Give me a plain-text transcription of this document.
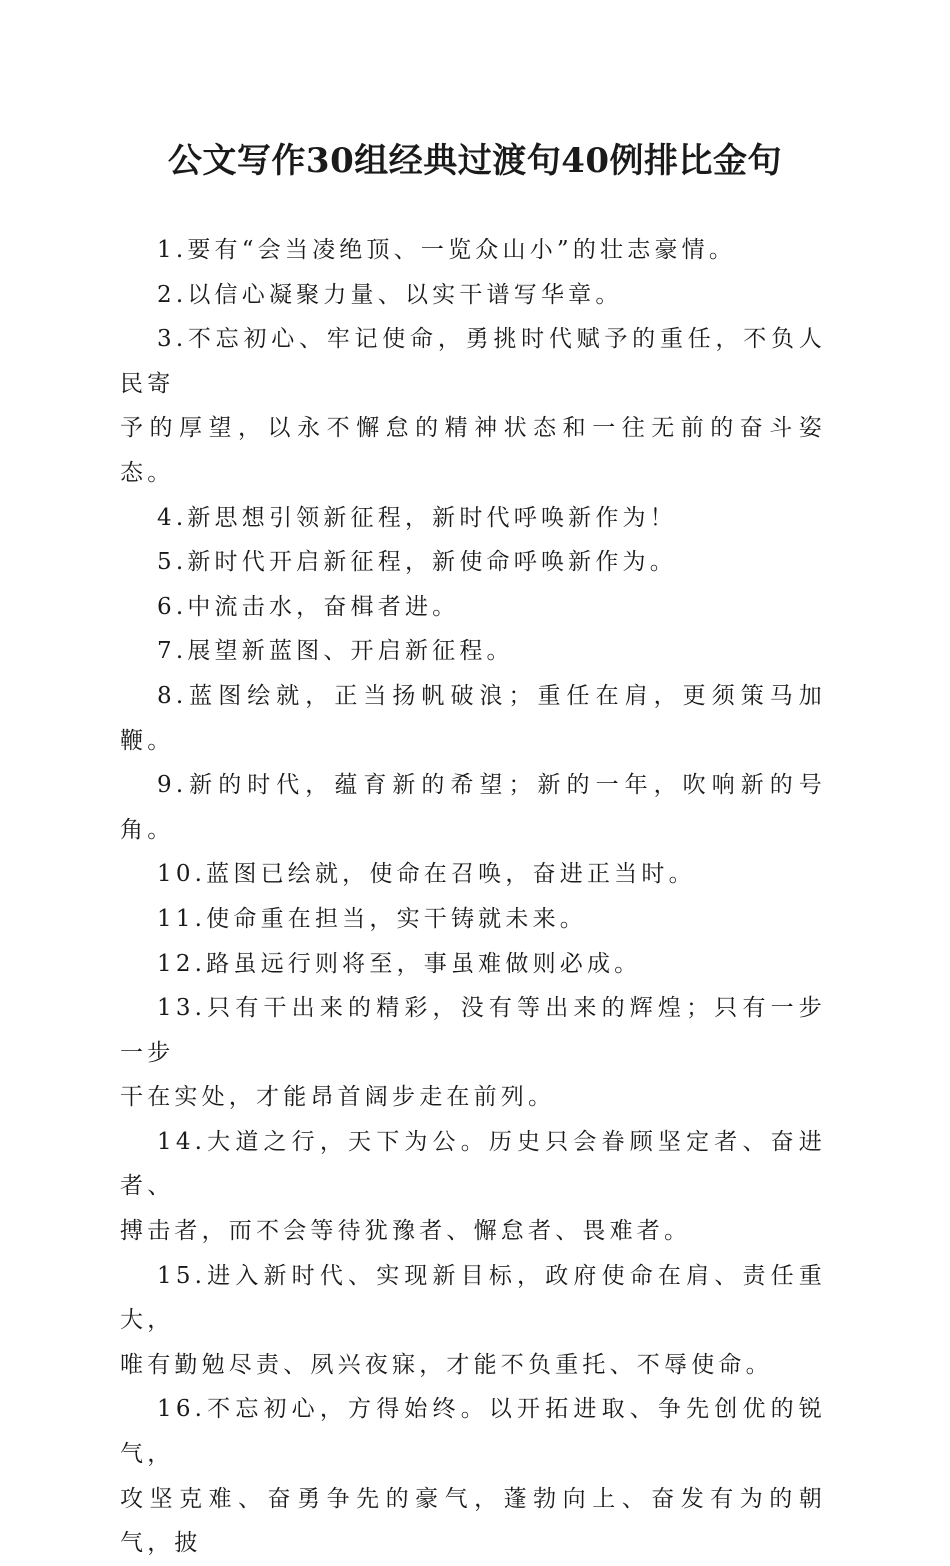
公文写作30组经典过渡句40例排比金句

1.要有“会当凌绝顶、一览众山小”的壮志豪情。

2.以信心凝聚力量、以实干谱写华章。

3.不忘初心、牢记使命，勇挑时代赋予的重任，不负人民寄
予的厚望，以永不懈怠的精神状态和一往无前的奋斗姿态。

4.新思想引领新征程，新时代呼唤新作为！

5.新时代开启新征程，新使命呼唤新作为。

6.中流击水，奋楫者进。

7.展望新蓝图、开启新征程。

8.蓝图绘就，正当扬帆破浪；重任在肩，更须策马加鞭。

9.新的时代，蕴育新的希望；新的一年，吹响新的号角。

10.蓝图已绘就，使命在召唤，奋进正当时。

11.使命重在担当，实干铸就未来。

12.路虽远行则将至，事虽难做则必成。

13.只有干出来的精彩，没有等出来的辉煌；只有一步一步
干在实处，才能昂首阔步走在前列。

14.大道之行，天下为公。历史只会眷顾坚定者、奋进者、
搏击者，而不会等待犹豫者、懈怠者、畏难者。

15.进入新时代、实现新目标，政府使命在肩、责任重大，
唯有勤勉尽责、夙兴夜寐，才能不负重托、不辱使命。

16.不忘初心，方得始终。以开拓进取、争先创优的锐气，
攻坚克难、奋勇争先的豪气，蓬勃向上、奋发有为的朝气，披
